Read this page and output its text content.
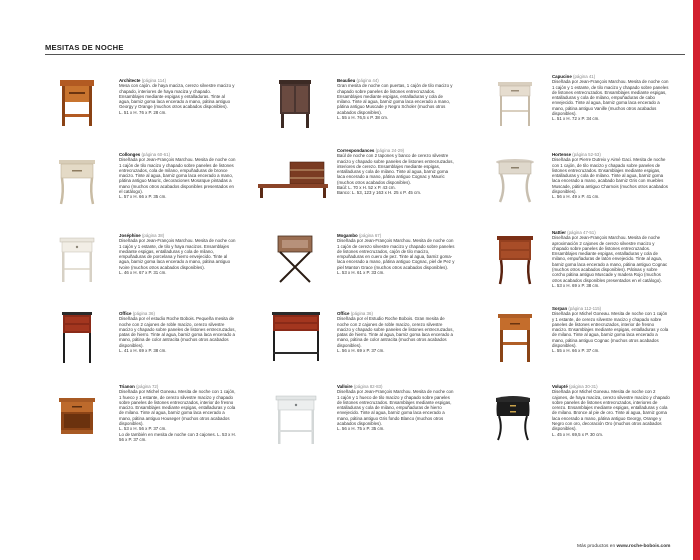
MESITAS DE NOCHE
Architecte (página 114)
Mesa con cajón. de haya maciza, cerezo silvestre macizo y chapado, interiores de haya maciza y chapado. Ensamblajes mediante espigas y entalladuras. Tinte al agua, barniz goma laca encerado a mano, pátina antiguo Georgy y Orange (muchos otros acabados disponibles).
L. 51 x H. 76 x P. 28 cm.
Beaulieu (página 44)
Gran mesita de noche con puertas, 1 cajón de tilo macizo y chapado sobre paneles de listones entrecruzados. Ensamblajes mediante espigas, entalladuras y cola de milano. Tinte al agua, barniz goma laca encerado a mano, pátina antiguo Muscade y Negro Scholer (muchos otros acabados disponibles).
L. 55 x H. 76,5 x P. 38 cm.
Capucine (página 41)
Diseñada por Jean-François Marchou. Mesita de noche con 1 cajón y 1 estante, de tilo macizo y chapado sobre paneles de listones entrecruzados. Ensamblajes mediante espigas, entalladuras y cola de milano, empuñaduras de cabo envejecido. Tinte al agua, barniz goma laca encerado a mano, pátina antiguo Vanille (muchos otros acabados disponibles).
L. 51 x H. 72 x P. 34 cm.
Collonges (página 60-61)
Diseñada por Jean-François Marchou. Mesita de noche con 1 cajón de tilo macizo y chapado sobre paneles de listones entrecruzados, cola de milano, empuñaduras de bronce macizo. Tinte al agua, barniz goma laca encerado a mano, pátina antiguo Mauric, decoraciones Mosaïque pintadas a mano (muchos otros acabados disponibles presentados en el catálogo).
L. 57 x H. 66 x P. 35 cm.
Correspondances (página 24-29)
Baúl de noche con 2 tapones y banco de cerezo silvestre macizo y chapado sobre paneles de listones entrecruzados, interiores de cerezo. Ensamblajes mediante espigas, entalladuras y cola de milano. Tinte al agua, barniz goma laca encerado a mano, pátina antiguo Cognac y Mauric (muchos otros acabados disponibles).
Baúl: L. 70 x H. 52 x P. 43 cm.
Banco: L. 53, 123 y 163 x H. 25 x P. 45 cm.
Hortense (página 52-53)
Diseñada por Pierre Dutreix y Aimé Gaci. Mesita de noche con 1 cajón, de tilo macizo y chapado sobre paneles de listones entrecruzados. Ensamblajes mediante espigas, entalladuras y cola de milano. Tinte al agua, barniz goma laca encerado a mano, acabado barniz Gris con muebles Muscade, pátina antiguo Charnois (muchos otros acabados disponibles).
L. 56 x H. 49 x P. 41 cm.
Joséphine (página 38)
Diseñada por Jean-François Marchou. Mesita de noche con 1 cajón y 1 estante, de tilo y haya macizos. Ensamblajes mediante espigas, entalladuras y cola de milano, empuñaduras de porcelana y hierro envejecido. Tinte al agua, barniz goma laca encerado a mano, pátina antiguo Ivoire (muchos otros acabados disponibles).
L. 46 x H. 67 x P. 31 cm.
Mogambo (página 67)
Diseñada por Jean-François Marchou. Mesita de noche con 1 cajón de cerezo silvestre macizo y chapado sobre paneles de listones entrecruzados, cajón de tilo macizo, empuñaduras en cuero de pez. Tinte al agua, barniz goma-laca encerado a mano, pátina antiguo Cognac, piel de Pez y piel Manton Grace (muchos otros acabados disponibles).
L. 53 x H. 61 x P. 33 cm.
Nattier (página 47-51)
Diseñada por Jean-François Marchou. Mesita de noche aproximación 2 cajones de cerezo silvestre macizo y chapado sobre paneles de listones entrecruzados. Ensamblajes mediante espigas, entalladuras y cola de milano, empuñaduras de latón envejecido. Tinte al agua, barniz goma laca encerado a mano, pátina antiguo Cognac (muchos otros acabados disponibles). Pátinas y sobre corcho pátina antiguo Muscade y madera Rojo (muchos otros acabados disponibles presentados en el catálogo).
L. 53 x H. 69 x P. 38 cm.
Office (página 36)
Diseñada por el estudio Roche Bobois. Pequeña mesita de noche con 2 cajones de roble macizo, cerezo silvestre macizo y chapado sobre paneles de listones entrecruzados, patas de hierro. Tinte al agua, barniz goma laca encerado a mano, pátina de color antracita (muchos otros acabados disponibles).
L. 41 x H. 69 x P. 38 cm.
Office (página 36)
Diseñada por el Estudio Roche Bobois. Gran mesita de noche con 2 cajones de roble macizo, cerezo silvestre macizo y chapado sobre paneles de listones entrecruzados, patas de hierro. Tinte al agua, barniz goma laca encerado a mano, pátina de color antracita (muchos otros acabados disponibles).
L. 56 x H. 69 x P. 37 cm.
Sorpan (página 112-115)
Diseñada por Michel Goneau. Mesita de noche con 1 cajón y 1 estante, de cerezo silvestre macizo y chapado sobre paneles de listones entrecruzados, interior de fresno macizo. Ensamblajes mediante espigas, entalladuras y cola de milano. Tinte al agua, barniz goma laca encerado a mano, pátina antiguo Cognac (muchos otros acabados disponibles).
L. 55 x H. 66 x P. 37 cm.
Trianon (página 72)
Diseñada por Michel Goneau. Mesita de noche con 1 cajón, 1 hueco y 1 estante, de cerezo silvestre macizo y chapado sobre paneles de listones entrecruzados, interior de fresno macizo. Ensamblajes mediante espigas, entalladuras y cola de milano. Tinte al agua, barniz goma laca encerado a mano, pátina antiguo Houseger (muchos otros acabados disponibles).
L. 53 x H. 56 x P. 37 cm.
Lo de también en mesita de noche con 3 cajones. L. 53 x H. 56 x P. 37 cm.
Valloire (página 82-83)
Diseñada por Jean-François Marchou. Mesita de noche con 1 cajón y 1 hueco de tilo macizo y chapado sobre paneles de listones entrecruzados. Ensamblajes mediante espigas, entalladuras y cola de milano, empuñaduras de hierro envejecido. Tinte al agua, barniz goma laca encerado a mano, pátina antiguo Gris fondo Blanco (muchos otros acabados disponibles).
L. 56 x H. 75 x P. 35 cm.
Volupté (página 30-31)
Diseñada por Michel Goneau. Mesita de noche con 2 cajones, de haya maciza, cerezo silvestre macizo y chapado sobre paneles de listones entrecruzados, interiores de cerezo. Ensamblajes mediante espigas, entalladuras y cola de milano. Bronce al pie de oro. Tinte al agua, barniz goma laca encerado a mano, pátina antiguo Georgy, Orange y Negro con oro, decoración Oro (muchos otros acabados disponibles).
L. 45 x H. 69,5 x P. 30 cm.
Más productos en www.roche-bobois.com
